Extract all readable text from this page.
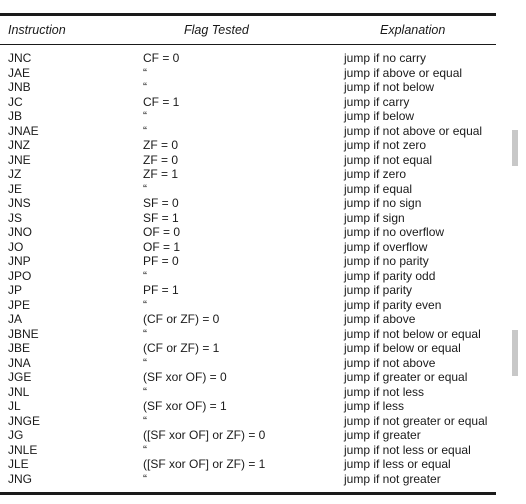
Instruction	Flag Tested	Explanation
JNC	CF = 0	jump if no carry
JAE	“	jump if above or equal
JNB	“	jump if not below
JC	CF = 1	jump if carry
JB	“	jump if below
JNAE	“	jump if not above or equal
JNZ	ZF = 0	jump if not zero
JNE	ZF = 0	jump if not equal
JZ	ZF = 1	jump if zero
JE	“	jump if equal
JNS	SF = 0	jump if no sign
JS	SF = 1	jump if sign
JNO	OF = 0	jump if no overflow
JO	OF = 1	jump if overflow
JNP	PF = 0	jump if no parity
JPO	“	jump if parity odd
JP	PF = 1	jump if parity
JPE	“	jump if parity even
JA	(CF or ZF) = 0	jump if above
JBNE	“	jump if not below or equal
JBE	(CF or ZF) = 1	jump if below or equal
JNA	“	jump if not above
JGE	(SF xor OF) = 0	jump if greater or equal
JNL	“	jump if not less
JL	(SF xor OF) = 1	jump if less
JNGE	“	jump if not greater or equal
JG	([SF xor OF] or ZF) = 0	jump if greater
JNLE	“	jump if not less or equal
JLE	([SF xor OF] or ZF) = 1	jump if less or equal
JNG	“	jump if not greater
